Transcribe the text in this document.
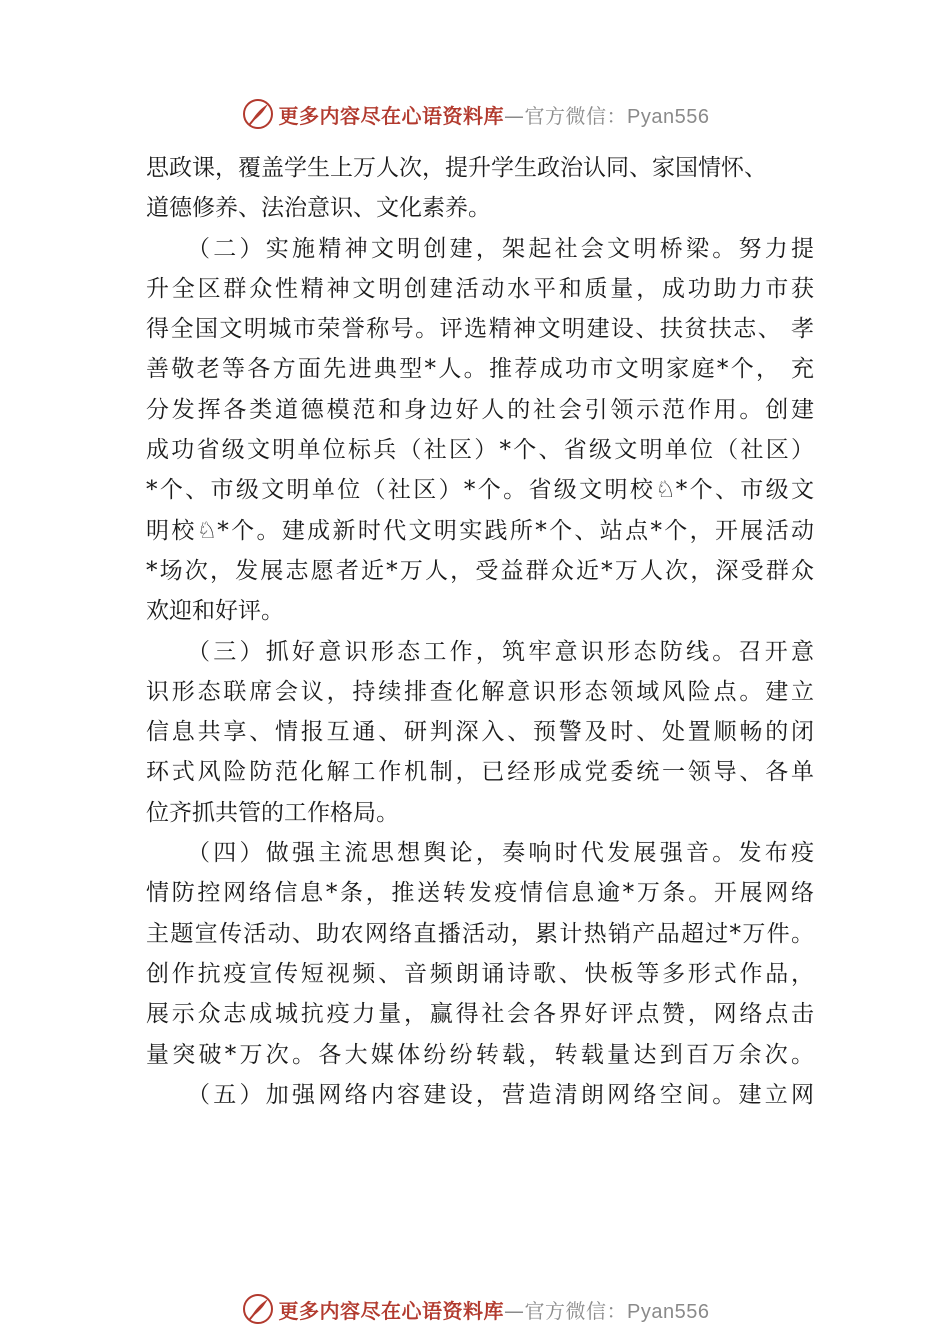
更多内容尽在心语资料库—官方微信：Pyan556
思政课，覆盖学生上万人次，提升学生政治认同、家国情怀、
道德修养、法治意识、文化素养。
　　（二）实施精神文明创建，架起社会文明桥梁。努力提
升全区群众性精神文明创建活动水平和质量，成功助力市获
得全国文明城市荣誉称号。评选精神文明建设、扶贫扶志、 孝
善敬老等各方面先进典型*人。推荐成功市文明家庭*个， 充
分发挥各类道德模范和身边好人的社会引领示范作用。创建
成功省级文明单位标兵（社区）*个、省级文明单位（社区）
*个、市级文明单位（社区）*个。省级文明校♘*个、市级文
明校♘*个。建成新时代文明实践所*个、站点*个，开展活动
*场次，发展志愿者近*万人，受益群众近*万人次，深受群众
欢迎和好评。
　　（三）抓好意识形态工作，筑牢意识形态防线。召开意
识形态联席会议，持续排查化解意识形态领域风险点。建立
信息共享、情报互通、研判深入、预警及时、处置顺畅的闭
环式风险防范化解工作机制，已经形成党委统一领导、各单
位齐抓共管的工作格局。
　　（四）做强主流思想舆论，奏响时代发展强音。发布疫
情防控网络信息*条，推送转发疫情信息逾*万条。开展网络
主题宣传活动、助农网络直播活动，累计热销产品超过*万件。
创作抗疫宣传短视频、音频朗诵诗歌、快板等多形式作品，
展示众志成城抗疫力量，赢得社会各界好评点赞，网络点击
量突破*万次。各大媒体纷纷转载，转载量达到百万余次。
　　（五）加强网络内容建设，营造清朗网络空间。建立网
更多内容尽在心语资料库—官方微信：Pyan556
